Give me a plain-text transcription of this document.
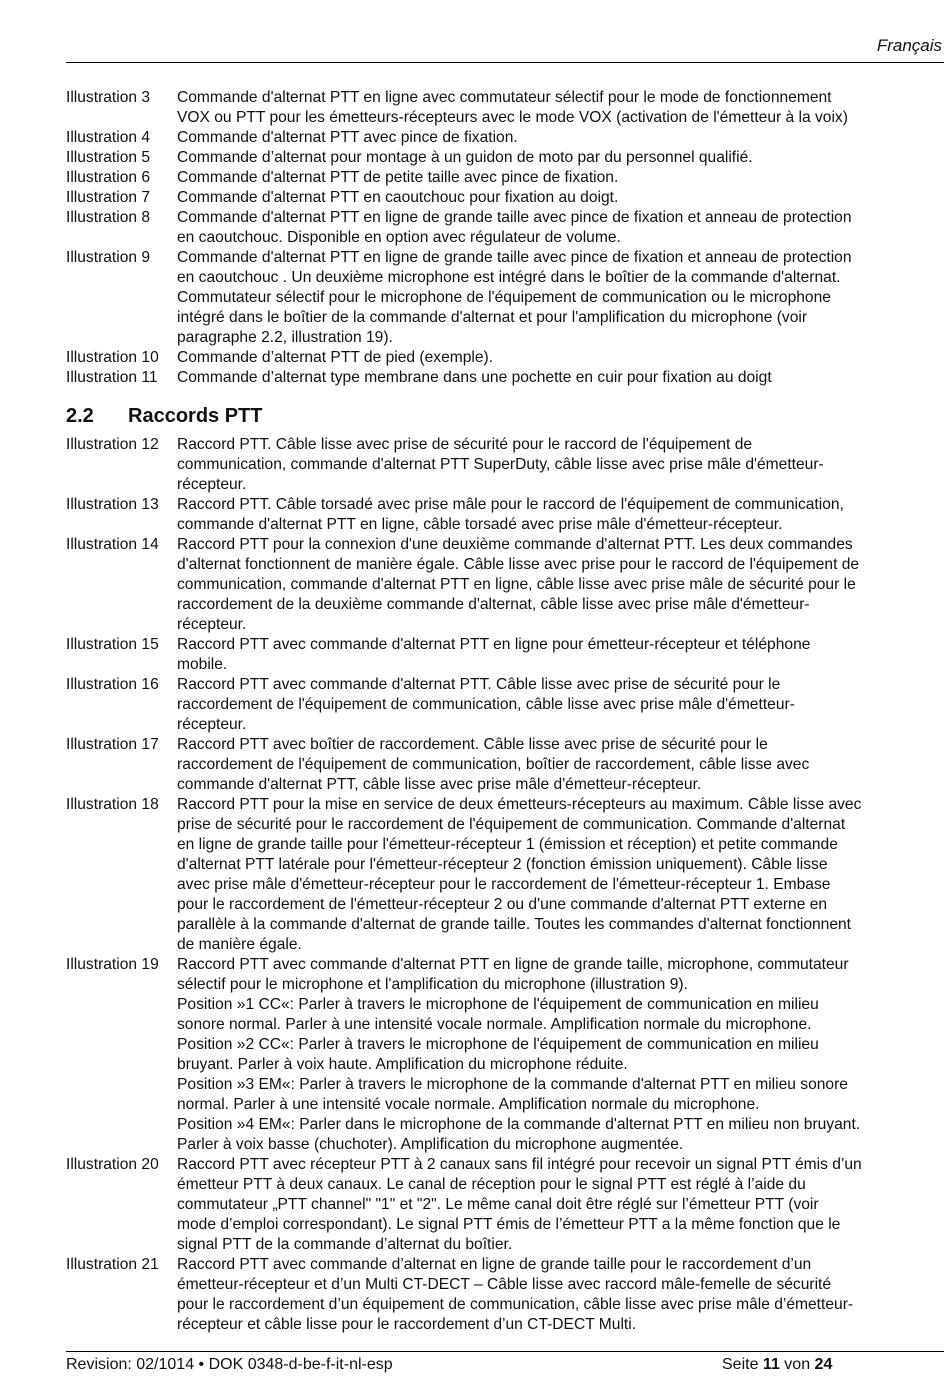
Français
Illustration 3	Commande d'alternat PTT en ligne avec commutateur sélectif pour le mode de fonctionnement
VOX ou PTT pour les émetteurs-récepteurs avec le mode VOX (activation de l'émetteur à la voix)
Illustration 4	Commande d'alternat PTT avec pince de fixation.
Illustration 5	Commande d’alternat pour montage à un guidon de moto par du personnel qualifié.
Illustration 6	Commande d'alternat PTT de petite taille avec pince de fixation.
Illustration 7	Commande d'alternat PTT en caoutchouc pour fixation au doigt.
Illustration 8	Commande d'alternat PTT en ligne de grande taille avec pince de fixation et anneau de protection
en caoutchouc. Disponible en option avec régulateur de volume.
Illustration 9	Commande d'alternat PTT en ligne de grande taille avec pince de fixation et anneau de protection
en caoutchouc . Un deuxième microphone est intégré dans le boîtier de la commande d'alternat.
Commutateur sélectif pour le microphone de l'équipement de communication ou le microphone
intégré dans le boîtier de la commande d'alternat et pour l'amplification du microphone (voir
paragraphe 2.2, illustration 19).
Illustration 10	Commande d’alternat PTT de pied (exemple).
Illustration 11	Commande d’alternat type membrane dans une pochette en cuir pour fixation au doigt
2.2 Raccords PTT
Illustration 12	Raccord PTT. Câble lisse avec prise de sécurité pour le raccord de l'équipement de
communication, commande d'alternat PTT SuperDuty, câble lisse avec prise mâle d'émetteur-
récepteur.
Illustration 13	Raccord PTT. Câble torsadé avec prise mâle pour le raccord de l'équipement de communication,
commande d'alternat PTT en ligne, câble torsadé avec prise mâle d'émetteur-récepteur.
Illustration 14	Raccord PTT pour la connexion d'une deuxième commande d'alternat PTT. Les deux commandes
d'alternat fonctionnent de manière égale. Câble lisse avec prise pour le raccord de l'équipement de
communication, commande d'alternat PTT en ligne, câble lisse avec prise mâle de sécurité pour le
raccordement de la deuxième commande d'alternat, câble lisse avec prise mâle d'émetteur-
récepteur.
Illustration 15	Raccord PTT avec commande d'alternat PTT en ligne pour émetteur-récepteur et téléphone
mobile.
Illustration 16	Raccord PTT avec commande d'alternat PTT. Câble lisse avec prise de sécurité pour le
raccordement de l'équipement de communication, câble lisse avec prise mâle d'émetteur-
récepteur.
Illustration 17	Raccord PTT avec boîtier de raccordement. Câble lisse avec prise de sécurité pour le
raccordement de l'équipement de communication, boîtier de raccordement, câble lisse avec
commande d'alternat PTT, câble lisse avec prise mâle d'émetteur-récepteur.
Illustration 18	Raccord PTT pour la mise en service de deux émetteurs-récepteurs au maximum. Câble lisse avec
prise de sécurité pour le raccordement de l'équipement de communication. Commande d'alternat
en ligne de grande taille pour l'émetteur-récepteur 1 (émission et réception) et petite commande
d'alternat PTT latérale pour l'émetteur-récepteur 2 (fonction émission uniquement). Câble lisse
avec prise mâle d'émetteur-récepteur pour le raccordement de l'émetteur-récepteur 1. Embase
pour le raccordement de l'émetteur-récepteur 2 ou d'une commande d'alternat PTT externe en
parallèle à la commande d'alternat de grande taille. Toutes les commandes d'alternat fonctionnent
de manière égale.
Illustration 19	Raccord PTT avec commande d'alternat PTT en ligne de grande taille, microphone, commutateur
sélectif pour le microphone et l'amplification du microphone (illustration 9).
Position »1 CC«: Parler à travers le microphone de l'équipement de communication en milieu
sonore normal. Parler à une intensité vocale normale. Amplification normale du microphone.
Position »2 CC«: Parler à travers le microphone de l'équipement de communication en milieu
bruyant. Parler à voix haute. Amplification du microphone réduite.
Position »3 EM«: Parler à travers le microphone de la commande d'alternat PTT en milieu sonore
normal. Parler à une intensité vocale normale. Amplification normale du microphone.
Position »4 EM«: Parler dans le microphone de la commande d'alternat PTT en milieu non bruyant.
Parler à voix basse (chuchoter). Amplification du microphone augmentée.
Illustration 20	Raccord PTT avec récepteur PTT à 2 canaux sans fil intégré pour recevoir un signal PTT émis d’un
émetteur PTT à deux canaux. Le canal de réception pour le signal PTT est réglé à l’aide du
commutateur „PTT channel" "1" et "2". Le même canal doit être réglé sur l’émetteur PTT (voir
mode d’emploi correspondant). Le signal PTT émis de l’émetteur PTT a la même fonction que le
signal PTT de la commande d’alternat du boîtier.
Illustration 21	Raccord PTT avec commande d’alternat en ligne de grande taille pour le raccordement d’un
émetteur-récepteur et d’un Multi CT-DECT – Câble lisse avec raccord mâle-femelle de sécurité
pour le raccordement d’un équipement de communication, câble lisse avec prise mâle d’émetteur-
récepteur et câble lisse pour le raccordement d’un CT-DECT Multi.
Revision: 02/1014 • DOK 0348-d-be-f-it-nl-esp	Seite 11 von 24
